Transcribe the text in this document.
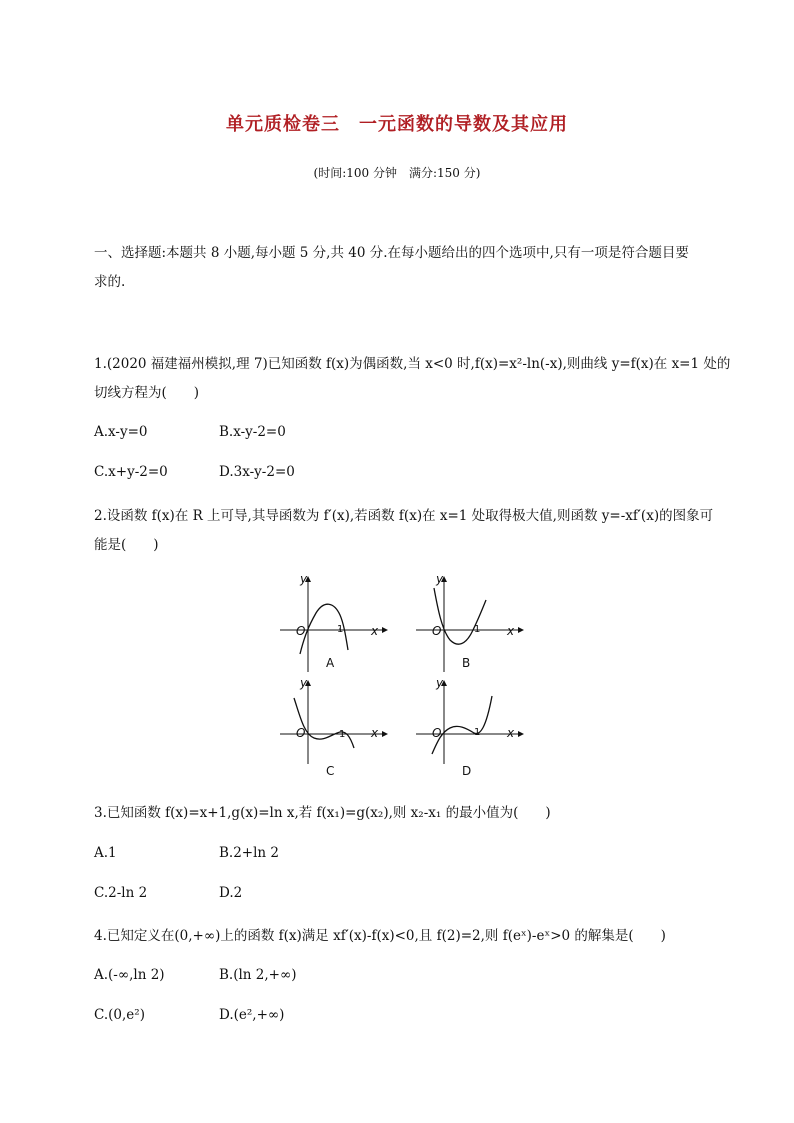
单元质检卷三　一元函数的导数及其应用
(时间:100 分钟　满分:150 分)
一、选择题:本题共 8 小题,每小题 5 分,共 40 分.在每小题给出的四个选项中,只有一项是符合题目要
求的.
1.(2020 福建福州模拟,理 7)已知函数 f(x)为偶函数,当 x<0 时,f(x)=x²-ln(-x),则曲线 y=f(x)在 x=1 处的
切线方程为(　　)
A.x-y=0	B.x-y-2=0
C.x+y-2=0	D.3x-y-2=0
2.设函数 f(x)在 R 上可导,其导函数为 f′(x),若函数 f(x)在 x=1 处取得极大值,则函数 y=-xf′(x)的图象可
能是(　　)
y
x
O	1
A
y
x
O	1
B
y
x
O	1
C
y
x
O	1
D
3.已知函数 f(x)=x+1,g(x)=ln x,若 f(x₁)=g(x₂),则 x₂-x₁ 的最小值为(　　)
A.1	B.2+ln 2
C.2-ln 2	D.2
4.已知定义在(0,+∞)上的函数 f(x)满足 xf′(x)-f(x)<0,且 f(2)=2,则 f(eˣ)-eˣ>0 的解集是(　　)
A.(-∞,ln 2)	B.(ln 2,+∞)
C.(0,e²)	D.(e²,+∞)
